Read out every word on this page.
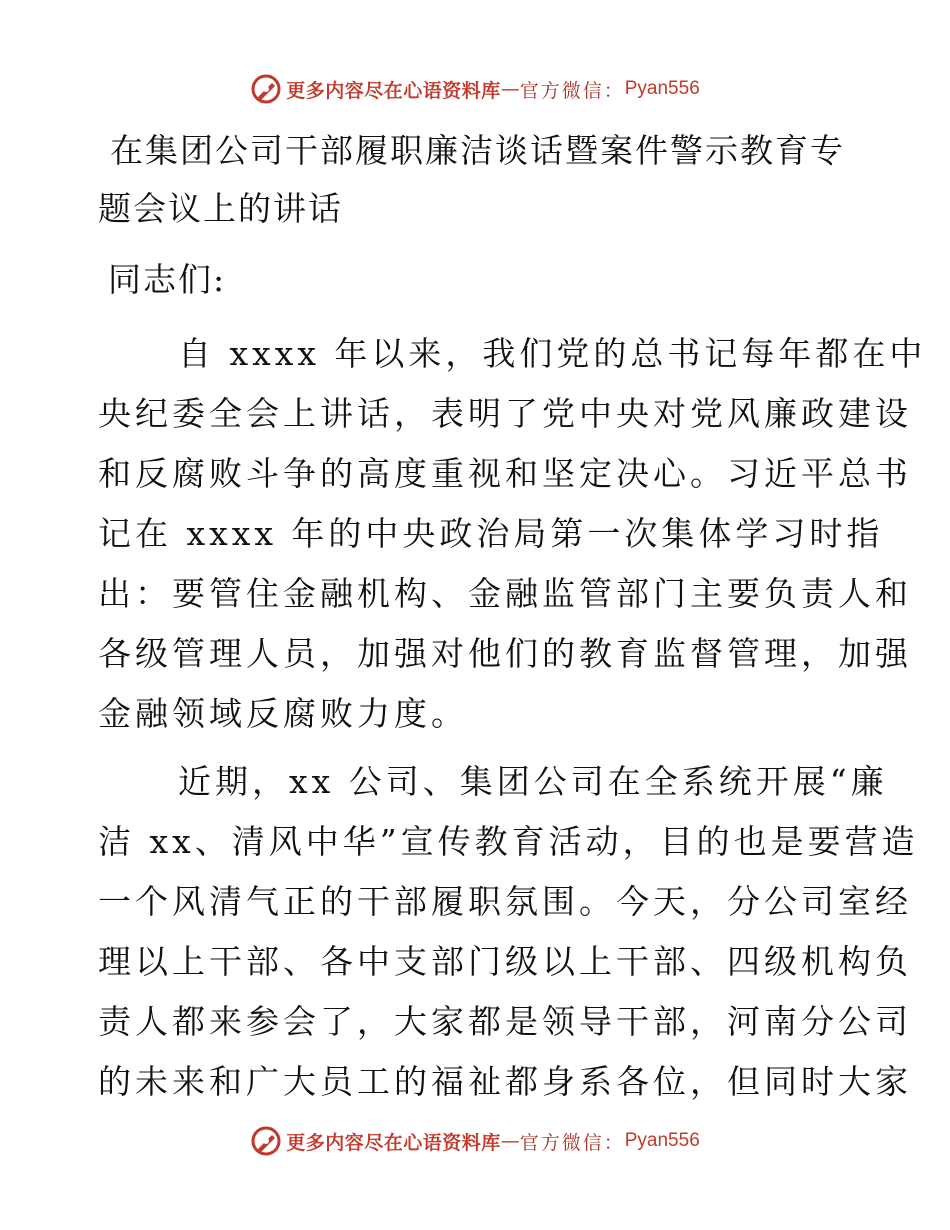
更多内容尽在心语资料库 — 官方微信： Pyan556
在集团公司干部履职廉洁谈话暨案件警示教育专
题会议上的讲话
同志们:
自 xxxx 年以来，我们党的总书记每年都在中
央纪委全会上讲话，表明了党中央对党风廉政建设
和反腐败斗争的高度重视和坚定决心。习近平总书
记在 xxxx 年的中央政治局第一次集体学习时指
出：要管住金融机构、金融监管部门主要负责人和
各级管理人员，加强对他们的教育监督管理，加强
金融领域反腐败力度。
近期，xx 公司、集团公司在全系统开展“廉
洁 xx、清风中华”宣传教育活动，目的也是要营造
一个风清气正的干部履职氛围。今天，分公司室经
理以上干部、各中支部门级以上干部、四级机构负
责人都来参会了，大家都是领导干部，河南分公司
的未来和广大员工的福祉都身系各位，但同时大家
更多内容尽在心语资料库 — 官方微信： Pyan556
